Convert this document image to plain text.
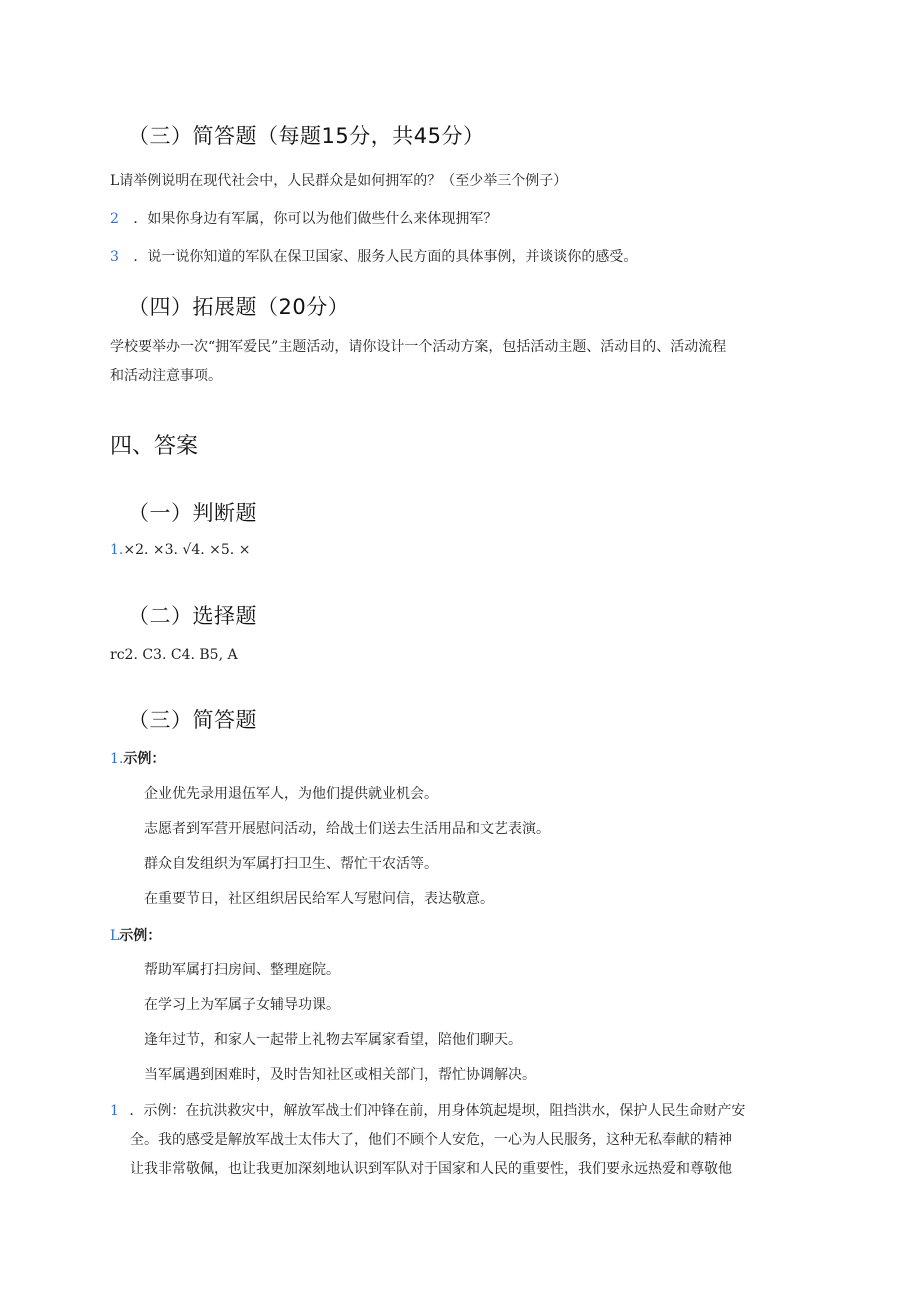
（三）简答题（每题15分，共45分）
L请举例说明在现代社会中，人民群众是如何拥军的？（至少举三个例子）
2 ．如果你身边有军属，你可以为他们做些什么来体现拥军？
3 ．说一说你知道的军队在保卫国家、服务人民方面的具体事例，并谈谈你的感受。
（四）拓展题（20分）
学校要举办一次“拥军爱民”主题活动，请你设计一个活动方案，包括活动主题、活动目的、活动流程
和活动注意事项。
四、答案
（一）判断题
1.×2. ×3. √4. ×5. ×
（二）选择题
rc2. C3. C4. B5, A
（三）简答题
1.示例：
企业优先录用退伍军人，为他们提供就业机会。
志愿者到军营开展慰问活动，给战士们送去生活用品和文艺表演。
群众自发组织为军属打扫卫生、帮忙干农活等。
在重要节日，社区组织居民给军人写慰问信，表达敬意。
L示例：
帮助军属打扫房间、整理庭院。
在学习上为军属子女辅导功课。
逢年过节，和家人一起带上礼物去军属家看望，陪他们聊天。
当军属遇到困难时，及时告知社区或相关部门，帮忙协调解决。
1 ．示例：在抗洪救灾中，解放军战士们冲锋在前，用身体筑起堤坝，阻挡洪水，保护人民生命财产安
全。我的感受是解放军战士太伟大了，他们不顾个人安危，一心为人民服务，这种无私奉献的精神
让我非常敬佩，也让我更加深刻地认识到军队对于国家和人民的重要性，我们要永远热爱和尊敬他
